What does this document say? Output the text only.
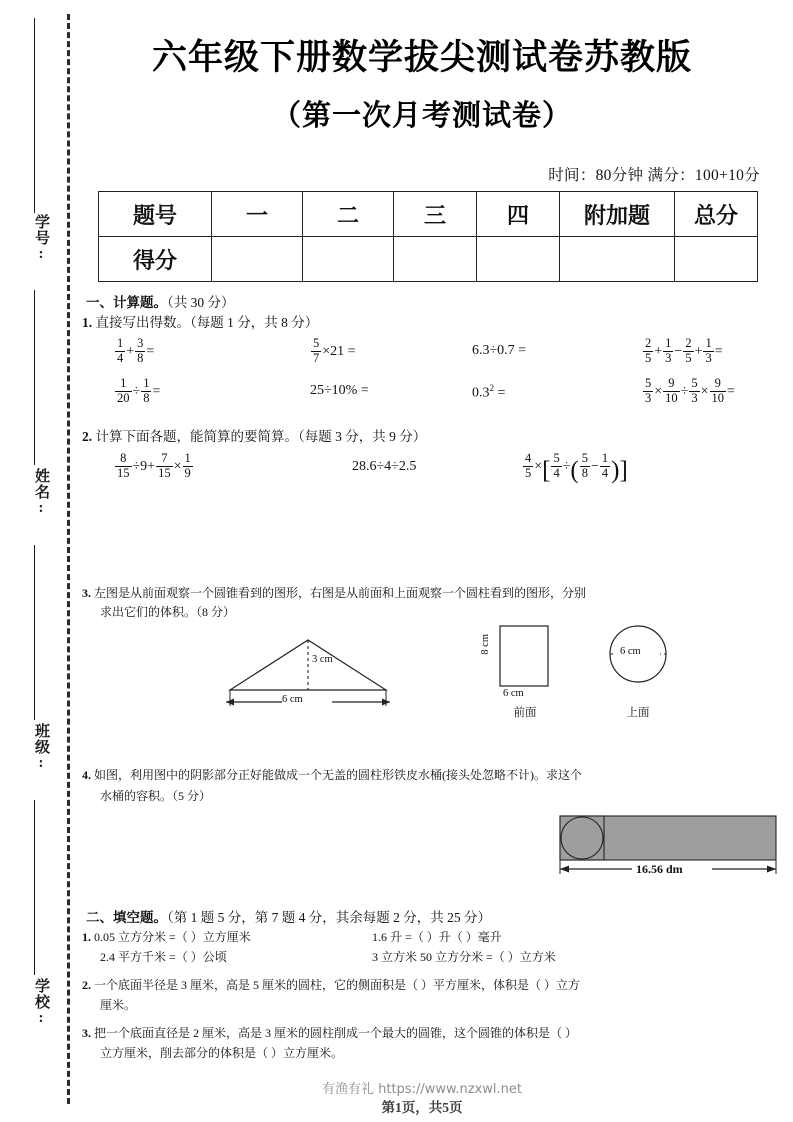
学号:
姓名:
班级:
学校:
六年级下册数学拔尖测试卷苏教版
（第一次月考测试卷）
时间：80分钟 满分：100+10分
题号	一	二	三	四	附加题	总分
得分						
一、计算题。（共 30 分）
1. 直接写出得数。（每题 1 分，共 8 分）
$\frac{1}{4} + \frac{3}{8}$ =	$\frac{5}{7} \times 21$ =	6.3÷0.7 =	$\frac{2}{5} + \frac{1}{3} - \frac{2}{5} + \frac{1}{3}$ =
$\frac{1}{20} \div \frac{1}{8}$ =	25÷10% =	$0.3^2$ =	$\frac{5}{3} \times \frac{9}{10} \div \frac{5}{3} \times \frac{9}{10}$ =
2. 计算下面各题，能简算的要简算。（每题 3 分，共 9 分）
$\frac{8}{15} \div 9+ \frac{7}{15} \times \frac{1}{9}$	28.6÷4÷2.5	$\frac{4}{5}$ ×[ $\frac{5}{4}$ ÷( $\frac{5}{8} - \frac{1}{4}$ )]
3. 左图是从前面观察一个圆锥看到的图形，右图是从前面和上面观察一个圆柱看到的图形，分别
求出它们的体积。（8 分）
3 cm
6 cm
8 cm
6 cm
前面
6 cm
上面
4. 如图，利用图中的阴影部分正好能做成一个无盖的圆柱形铁皮水桶(接头处忽略不计)。求这个
水桶的容积。（5 分）
16.56 dm
二、填空题。（第 1 题 5 分，第 7 题 4 分，其余每题 2 分，共 25 分）
1. 0.05 立方分米 =（ ）立方厘米	1.6 升 =（ ）升（ ）毫升
2.4 平方千米 =（ ）公顷	3 立方米 50 立方分米 =（ ）立方米
2. 一个底面半径是 3 厘米，高是 5 厘米的圆柱，它的侧面积是（ ）平方厘米，体积是（ ）立方
厘米。
3. 把一个底面直径是 2 厘米，高是 3 厘米的圆柱削成一个最大的圆锥，这个圆锥的体积是（ ）
立方厘米，削去部分的体积是（ ）立方厘米。
有渔有礼 https://www.nzxwl.net
第1页，共5页
